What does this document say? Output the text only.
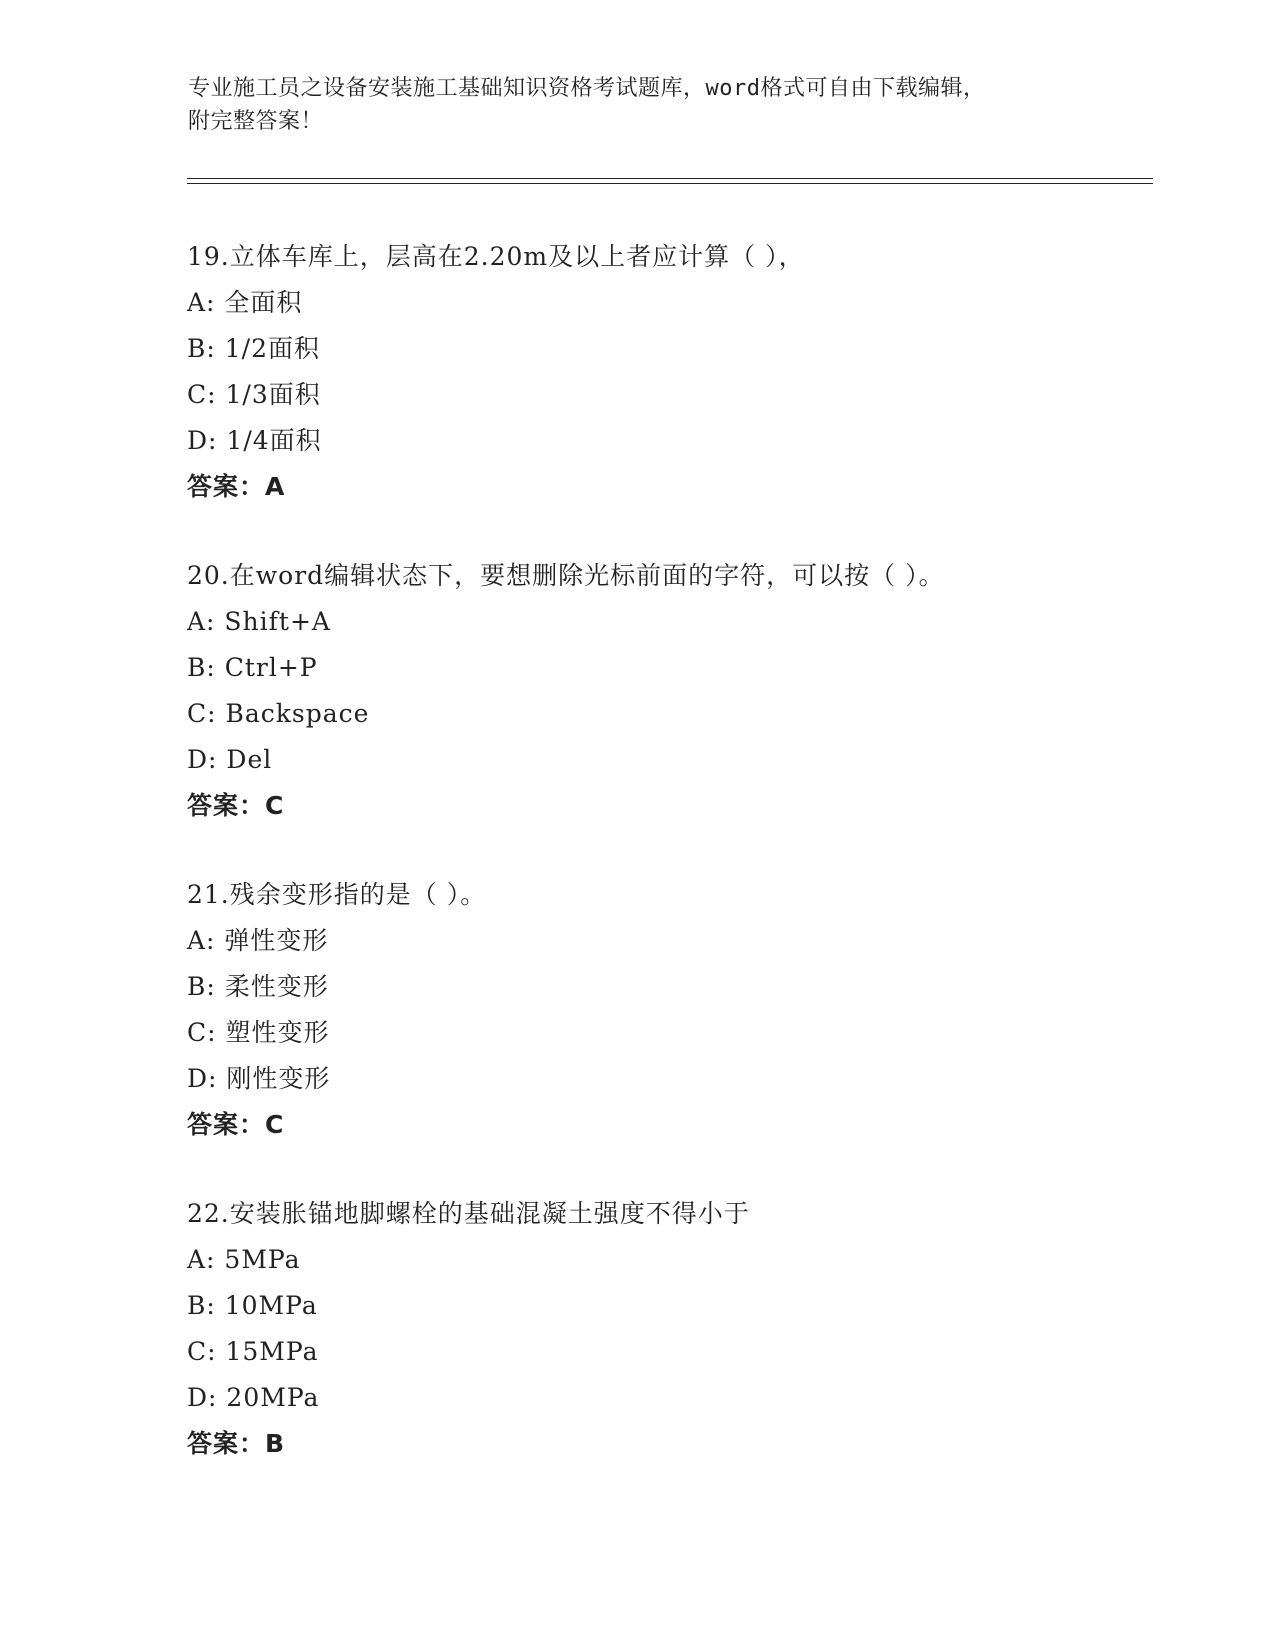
专业施工员之设备安装施工基础知识资格考试题库，word格式可自由下载编辑，
附完整答案！
19.立体车库上，层高在2.20m及以上者应计算（ ），
A: 全面积
B: 1/2面积
C: 1/3面积
D: 1/4面积
答案：A
20.在word编辑状态下，要想删除光标前面的字符，可以按（ ）。
A: Shift+A
B: Ctrl+P
C: Backspace
D: Del
答案：C
21.残余变形指的是（ ）。
A: 弹性变形
B: 柔性变形
C: 塑性变形
D: 刚性变形
答案：C
22.安装胀锚地脚螺栓的基础混凝土强度不得小于
A: 5MPa
B: 10MPa
C: 15MPa
D: 20MPa
答案：B
